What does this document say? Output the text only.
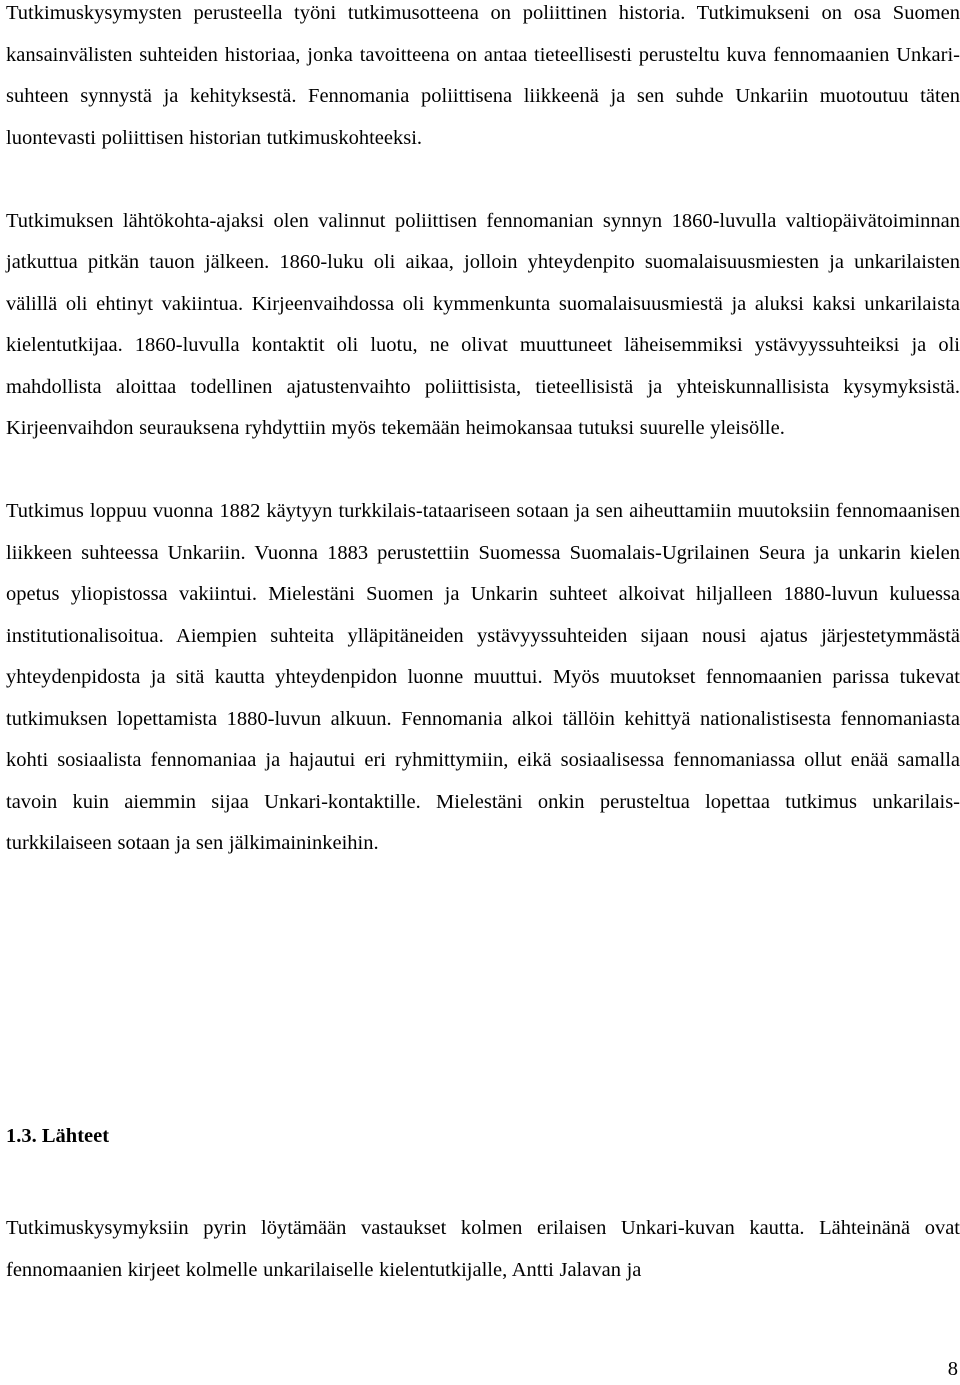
Tutkimuskysymysten perusteella työni tutkimusotteena on poliittinen historia. Tutkimukseni on osa Suomen kansainvälisten suhteiden historiaa, jonka tavoitteena on antaa tieteellisesti perusteltu kuva fennomaanien Unkari-suhteen synnystä ja kehityksestä. Fennomania poliittisena liikkeenä ja sen suhde Unkariin muotoutuu täten luontevasti poliittisen historian tutkimuskohteeksi.

Tutkimuksen lähtökohta-ajaksi olen valinnut poliittisen fennomanian synnyn 1860-luvulla valtiopäivätoiminnan jatkuttua pitkän tauon jälkeen. 1860-luku oli aikaa, jolloin yhteydenpito suomalaisuusmiesten ja unkarilaisten välillä oli ehtinyt vakiintua. Kirjeenvaihdossa oli kymmenkunta suomalaisuusmiestä ja aluksi kaksi unkarilaista kielentutkijaa. 1860-luvulla kontaktit oli luotu, ne olivat muuttuneet läheisemmiksi ystävyyssuhteiksi ja oli mahdollista aloittaa todellinen ajatustenvaihto poliittisista, tieteellisistä ja yhteiskunnallisista kysymyksistä. Kirjeenvaihdon seurauksena ryhdyttiin myös tekemään heimokansaa tutuksi suurelle yleisölle.

Tutkimus loppuu vuonna 1882 käytyyn turkkilais-tataariseen sotaan ja sen aiheuttamiin muutoksiin fennomaanisen liikkeen suhteessa Unkariin. Vuonna 1883 perustettiin Suomessa Suomalais-Ugrilainen Seura ja unkarin kielen opetus yliopistossa vakiintui. Mielestäni Suomen ja Unkarin suhteet alkoivat hiljalleen 1880-luvun kuluessa institutionalisoitua. Aiempien suhteita ylläpitäneiden ystävyyssuhteiden sijaan nousi ajatus järjestetymmästä yhteydenpidosta ja sitä kautta yhteydenpidon luonne muuttui. Myös muutokset fennomaanien parissa tukevat tutkimuksen lopettamista 1880-luvun alkuun. Fennomania alkoi tällöin kehittyä nationalistisesta fennomaniasta kohti sosiaalista fennomaniaa ja hajautui eri ryhmittymiin, eikä sosiaalisessa fennomaniassa ollut enää samalla tavoin kuin aiemmin sijaa Unkari-kontaktille. Mielestäni onkin perusteltua lopettaa tutkimus unkarilais-turkkilaiseen sotaan ja sen jälkimaininkeihin.

1.3. Lähteet

Tutkimuskysymyksiin pyrin löytämään vastaukset kolmen erilaisen Unkari-kuvan kautta. Lähteinänä ovat fennomaanien kirjeet kolmelle unkarilaiselle kielentutkijalle, Antti Jalavan ja

8
